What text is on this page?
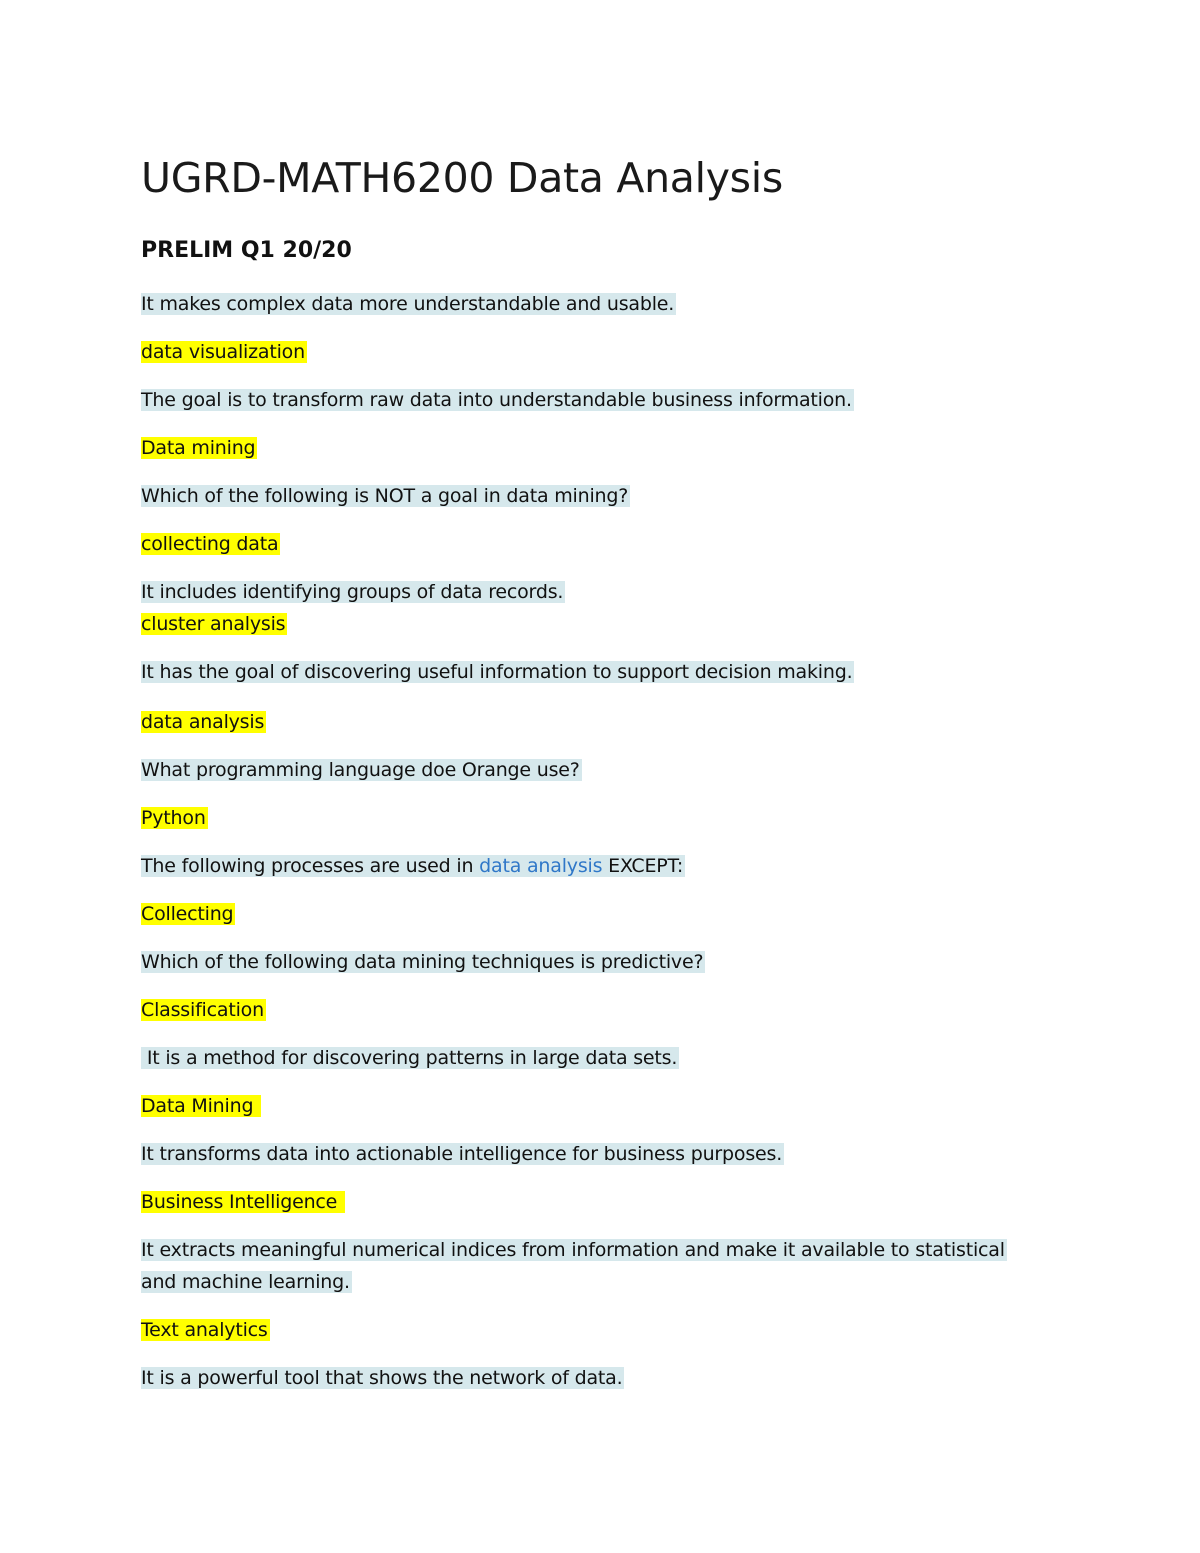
UGRD-MATH6200 Data Analysis
PRELIM Q1 20/20

It makes complex data more understandable and usable.

data visualization

The goal is to transform raw data into understandable business information.

Data mining

Which of the following is NOT a goal in data mining?

collecting data

It includes identifying groups of data records.

cluster analysis

It has the goal of discovering useful information to support decision making.

data analysis

What programming language doe Orange use?

Python

The following processes are used in data analysis EXCEPT:

Collecting

Which of the following data mining techniques is predictive?

Classification

It is a method for discovering patterns in large data sets.

Data Mining

It transforms data into actionable intelligence for business purposes.

Business Intelligence

It extracts meaningful numerical indices from information and make it available to statistical

and machine learning.

Text analytics

It is a powerful tool that shows the network of data.
